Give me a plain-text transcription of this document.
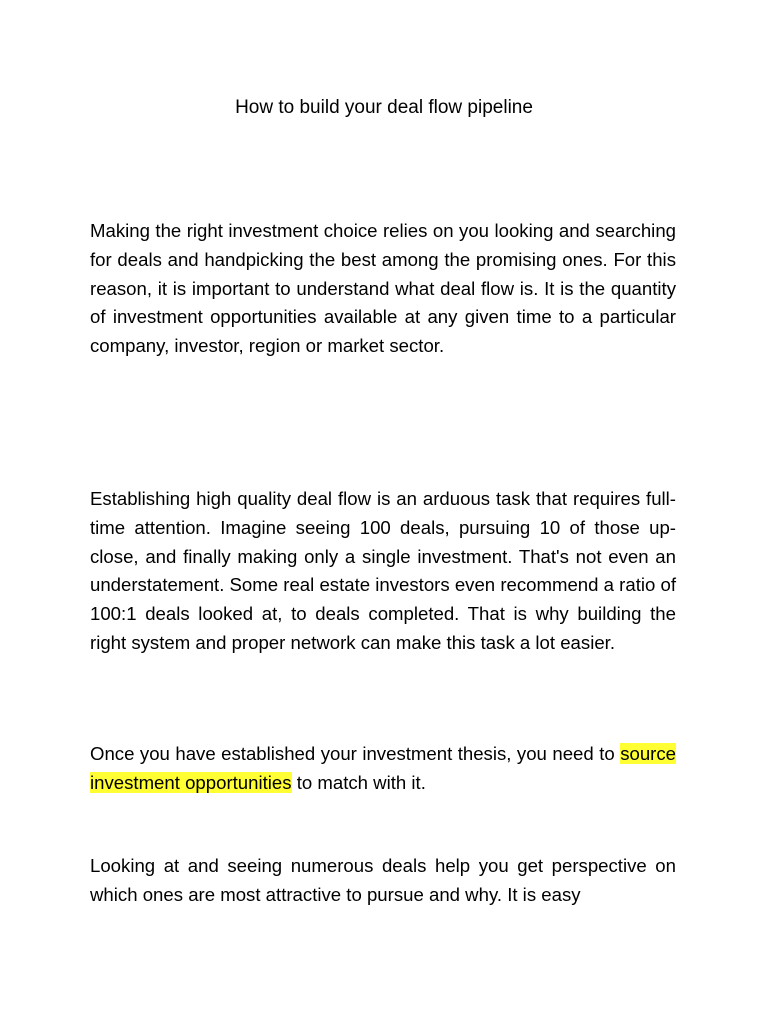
How to build your deal flow pipeline

Making the right investment choice relies on you looking and searching for deals and handpicking the best among the promising ones. For this reason, it is important to understand what deal flow is. It is the quantity of investment opportunities available at any given time to a particular company, investor, region or market sector.

Establishing high quality deal flow is an arduous task that requires full-time attention. Imagine seeing 100 deals, pursuing 10 of those up-close, and finally making only a single investment. That's not even an understatement. Some real estate investors even recommend a ratio of 100:1 deals looked at, to deals completed. That is why building the right system and proper network can make this task a lot easier.

Once you have established your investment thesis, you need to source investment opportunities to match with it.

Looking at and seeing numerous deals help you get perspective on which ones are most attractive to pursue and why. It is easy
